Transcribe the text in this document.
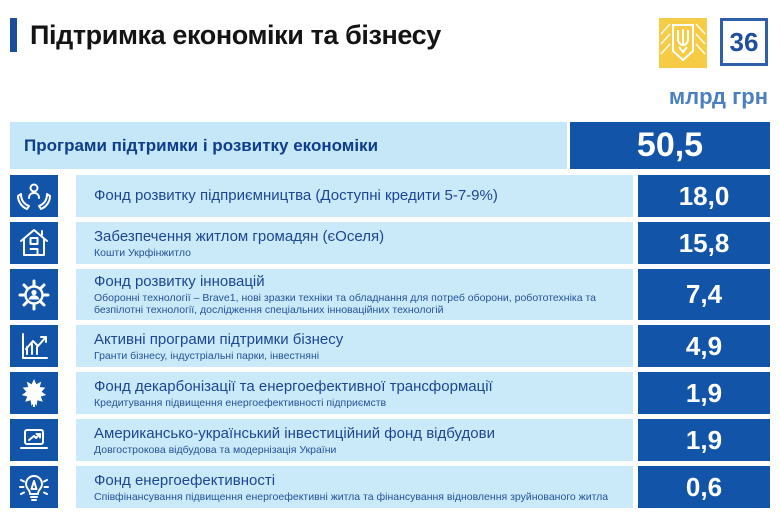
Підтримка економіки та бізнесу	36
млрд грн
Програми підтримки і розвитку економіки	50,5
Фонд розвитку підприємництва (Доступні кредити 5-7-9%)	18,0
Забезпечення житлом громадян (єОселя)
Кошти Укрфінжитло	15,8
Фонд розвитку інновацій
Оборонні технології – Brave1, нові зразки техніки та обладнання для потреб оборони, робототехніка та безпілотні технології, дослідження спеціальних інноваційних технологій
7,4
Активні програми підтримки бізнесу
Гранти бізнесу, індустріальні парки, інвестняні	4,9
Фонд декарбонізації та енергоефективної трансформації
Кредитування підвищення енергоефективності підприємств	1,9
Американсько-український інвестиційний фонд відбудови
Довгострокова відбудова та модернізація України	1,9
Фонд енергоефективності
Співфінансування підвищення енергоефективні житла та фінансування відновлення зруйнованого житла	0,6
